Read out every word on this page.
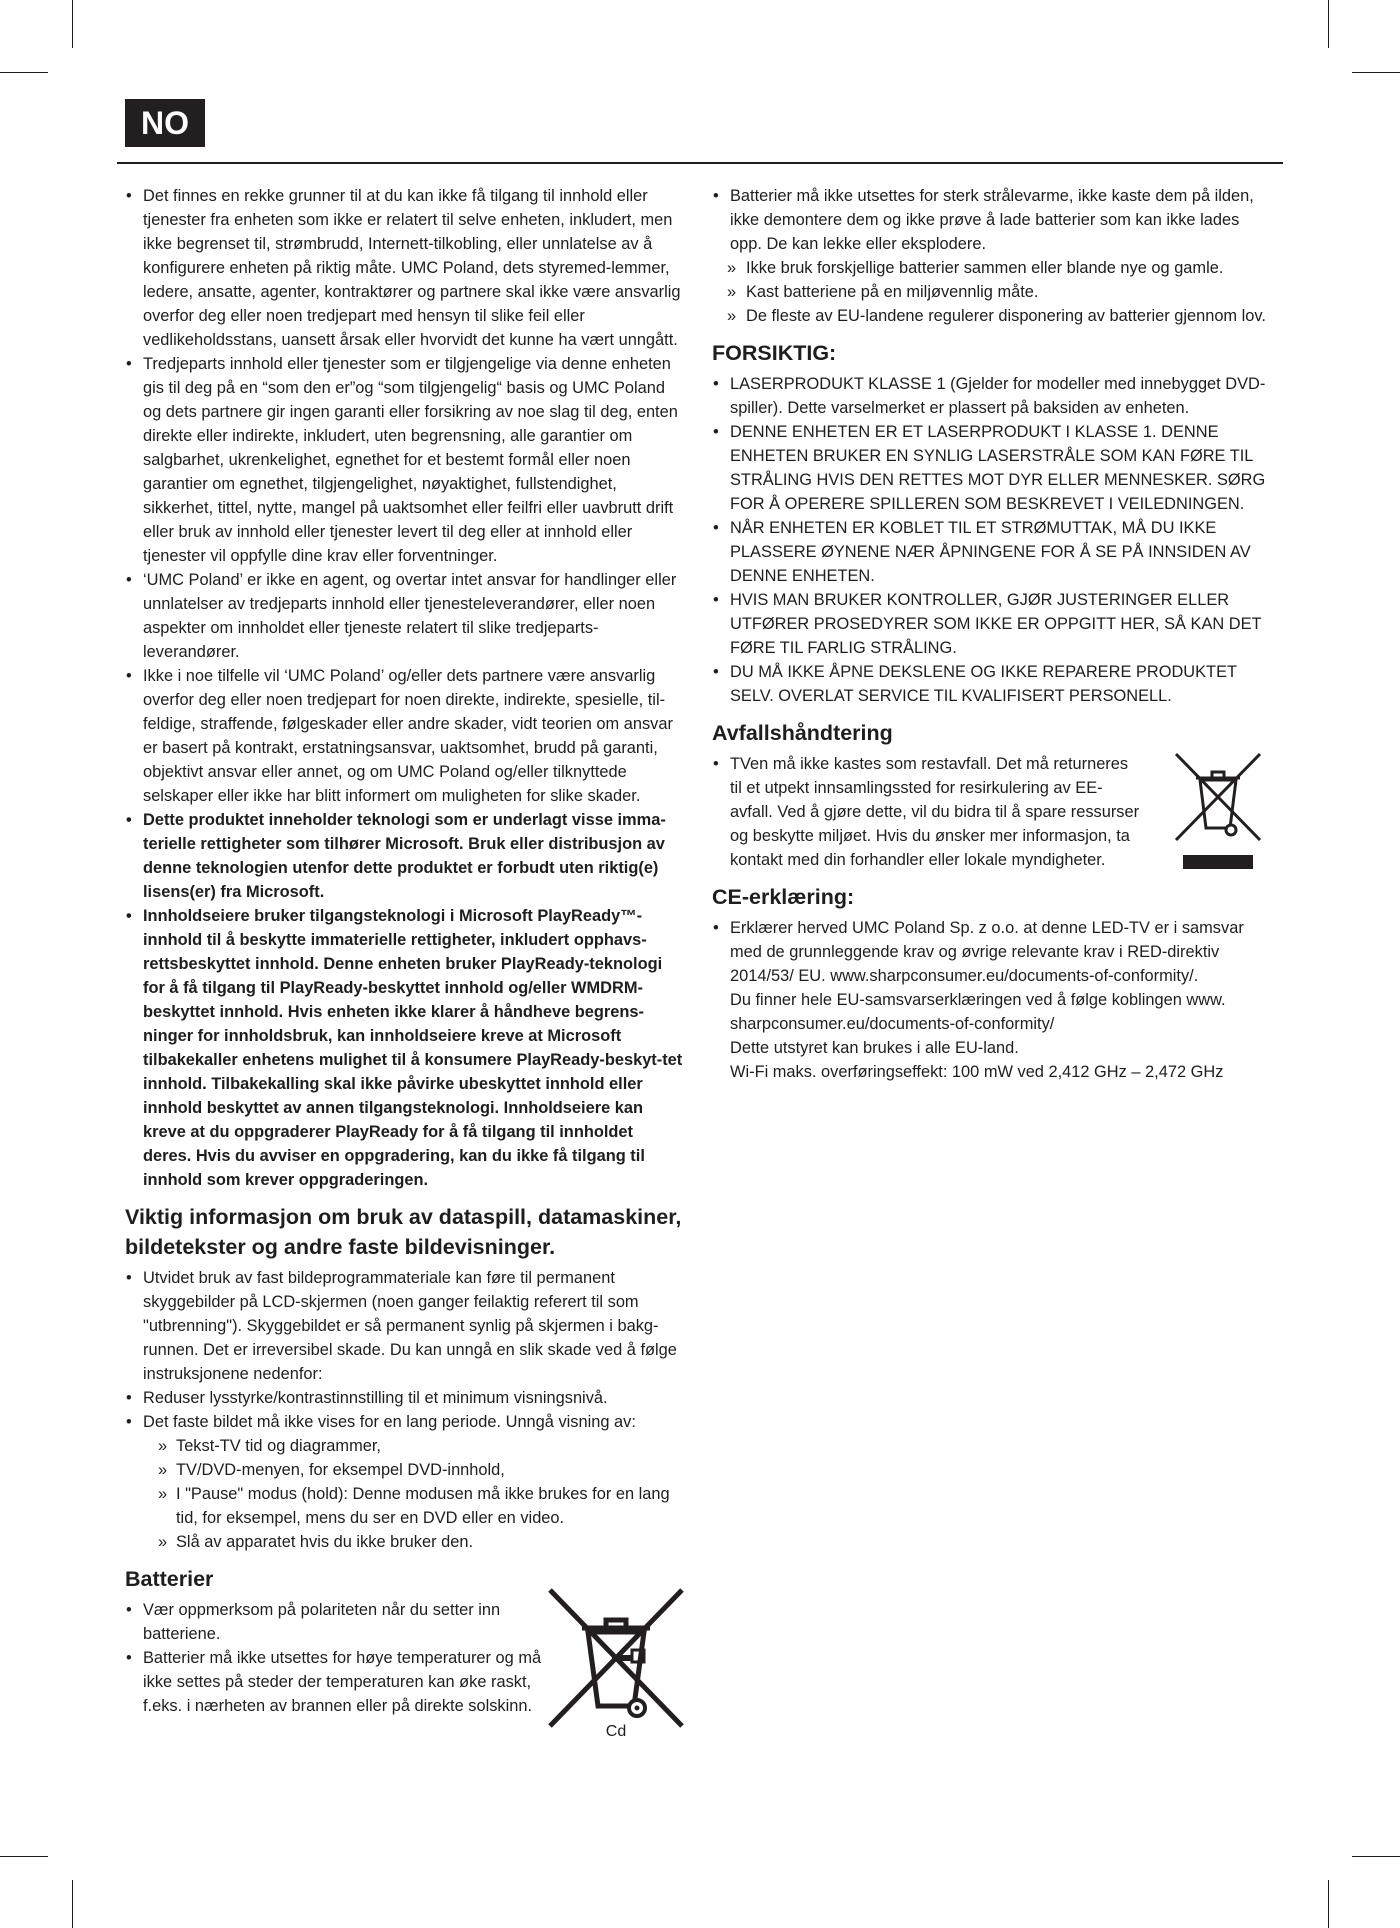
NO
• Det finnes en rekke grunner til at du kan ikke få tilgang til innhold eller tjenester fra enheten som ikke er relatert til selve enheten, inkludert, men ikke begrenset til, strømbrudd, Internett-tilkobling, eller unnlatelse av å konfigurere enheten på riktig måte. UMC Poland, dets styremed-lemmer, ledere, ansatte, agenter, kontraktører og partnere skal ikke være ansvarlig overfor deg eller noen tredjepart med hensyn til slike feil eller vedlikeholdsstans, uansett årsak eller hvorvidt det kunne ha vært unngått.
• Tredjeparts innhold eller tjenester som er tilgjengelige via denne enheten gis til deg på en “som den er”og “som tilgjengelig“ basis og UMC Poland og dets partnere gir ingen garanti eller forsikring av noe slag til deg, enten direkte eller indirekte, inkludert, uten begrensning, alle garantier om salgbarhet, ukrenkelighet, egnethet for et bestemt formål eller noen garantier om egnethet, tilgjengelighet, nøyaktighet, fullstendighet, sikkerhet, tittel, nytte, mangel på uaktsomhet eller feilfri eller uavbrutt drift eller bruk av innhold eller tjenester levert til deg eller at innhold eller tjenester vil oppfylle dine krav eller forventninger.
• ‘UMC Poland’ er ikke en agent, og overtar intet ansvar for handlinger eller unnlatelser av tredjeparts innhold eller tjenesteleverandører, eller noen aspekter om innholdet eller tjeneste relatert til slike tredjeparts-leverandører.
• Ikke i noe tilfelle vil ‘UMC Poland’ og/eller dets partnere være ansvarlig overfor deg eller noen tredjepart for noen direkte, indirekte, spesielle, til-feldige, straffende, følgeskader eller andre skader, vidt teorien om ansvar er basert på kontrakt, erstatningsansvar, uaktsomhet, brudd på garanti, objektivt ansvar eller annet, og om UMC Poland og/eller tilknyttede selskaper eller ikke har blitt informert om muligheten for slike skader.
• Dette produktet inneholder teknologi som er underlagt visse imma-terielle rettigheter som tilhører Microsoft. Bruk eller distribusjon av denne teknologien utenfor dette produktet er forbudt uten riktig(e) lisens(er) fra Microsoft.
• Innholdseiere bruker tilgangsteknologi i Microsoft PlayReady™-innhold til å beskytte immaterielle rettigheter, inkludert opphavs-rettsbeskyttet innhold. Denne enheten bruker PlayReady-teknologi for å få tilgang til PlayReady-beskyttet innhold og/eller WMDRM-beskyttet innhold. Hvis enheten ikke klarer å håndheve begrens-ninger for innholdsbruk, kan innholdseiere kreve at Microsoft tilbakekaller enhetens mulighet til å konsumere PlayReady-beskyt-tet innhold. Tilbakekalling skal ikke påvirke ubeskyttet innhold eller innhold beskyttet av annen tilgangsteknologi. Innholdseiere kan kreve at du oppgraderer PlayReady for å få tilgang til innholdet deres. Hvis du avviser en oppgradering, kan du ikke få tilgang til innhold som krever oppgraderingen.
Viktig informasjon om bruk av dataspill, datamaskiner, bildetekster og andre faste bildevisninger.
• Utvidet bruk av fast bildeprogrammateriale kan føre til permanent skyggebilder på LCD-skjermen (noen ganger feilaktig referert til som "utbrenning"). Skyggebildet er så permanent synlig på skjermen i bakg-runnen. Det er irreversibel skade. Du kan unngå en slik skade ved å følge instruksjonene nedenfor:
• Reduser lysstyrke/kontrastinnstilling til et minimum visningsnivå.
• Det faste bildet må ikke vises for en lang periode. Unngå visning av:
» Tekst-TV tid og diagrammer,
» TV/DVD-menyen, for eksempel DVD-innhold,
» I "Pause" modus (hold): Denne modusen må ikke brukes for en lang tid, for eksempel, mens du ser en DVD eller en video.
» Slå av apparatet hvis du ikke bruker den.
Batterier
• Vær oppmerksom på polariteten når du setter inn batteriene.
• Batterier må ikke utsettes for høye temperaturer og må ikke settes på steder der temperaturen kan øke raskt, f.eks. i nærheten av brannen eller på direkte solskinn.
Cd
• Batterier må ikke utsettes for sterk strålevarme, ikke kaste dem på ilden, ikke demontere dem og ikke prøve å lade batterier som kan ikke lades opp. De kan lekke eller eksplodere.
» Ikke bruk forskjellige batterier sammen eller blande nye og gamle.
» Kast batteriene på en miljøvennlig måte.
» De fleste av EU-landene regulerer disponering av batterier gjennom lov.
FORSIKTIG:
• LASERPRODUKT KLASSE 1 (Gjelder for modeller med innebygget DVD-spiller). Dette varselmerket er plassert på baksiden av enheten.
• DENNE ENHETEN ER ET LASERPRODUKT I KLASSE 1. DENNE ENHETEN BRUKER EN SYNLIG LASERSTRÅLE SOM KAN FØRE TIL STRÅLING HVIS DEN RETTES MOT DYR ELLER MENNESKER. SØRG FOR Å OPERERE SPILLEREN SOM BESKREVET I VEILEDNINGEN.
• NÅR ENHETEN ER KOBLET TIL ET STRØMUTTAK, MÅ DU IKKE PLASSERE ØYNENE NÆR ÅPNINGENE FOR Å SE PÅ INNSIDEN AV DENNE ENHETEN.
• HVIS MAN BRUKER KONTROLLER, GJØR JUSTERINGER ELLER UTFØRER PROSEDYRER SOM IKKE ER OPPGITT HER, SÅ KAN DET FØRE TIL FARLIG STRÅLING.
• DU MÅ IKKE ÅPNE DEKSLENE OG IKKE REPARERE PRODUKTET SELV. OVERLAT SERVICE TIL KVALIFISERT PERSONELL.
Avfallshåndtering
• TVen må ikke kastes som restavfall. Det må returneres til et utpekt innsamlingssted for resirkulering av EE-avfall. Ved å gjøre dette, vil du bidra til å spare ressurser og beskytte miljøet. Hvis du ønsker mer informasjon, ta kontakt med din forhandler eller lokale myndigheter.
CE-erklæring:
• Erklærer herved UMC Poland Sp. z o.o. at denne LED-TV er i samsvar med de grunnleggende krav og øvrige relevante krav i RED-direktiv 2014/53/ EU. www.sharpconsumer.eu/documents-of-conformity/.
Du finner hele EU-samsvarserklæringen ved å følge koblingen www. sharpconsumer.eu/documents-of-conformity/
Dette utstyret kan brukes i alle EU-land.
Wi-Fi maks. overføringseffekt: 100 mW ved 2,412 GHz – 2,472 GHz
